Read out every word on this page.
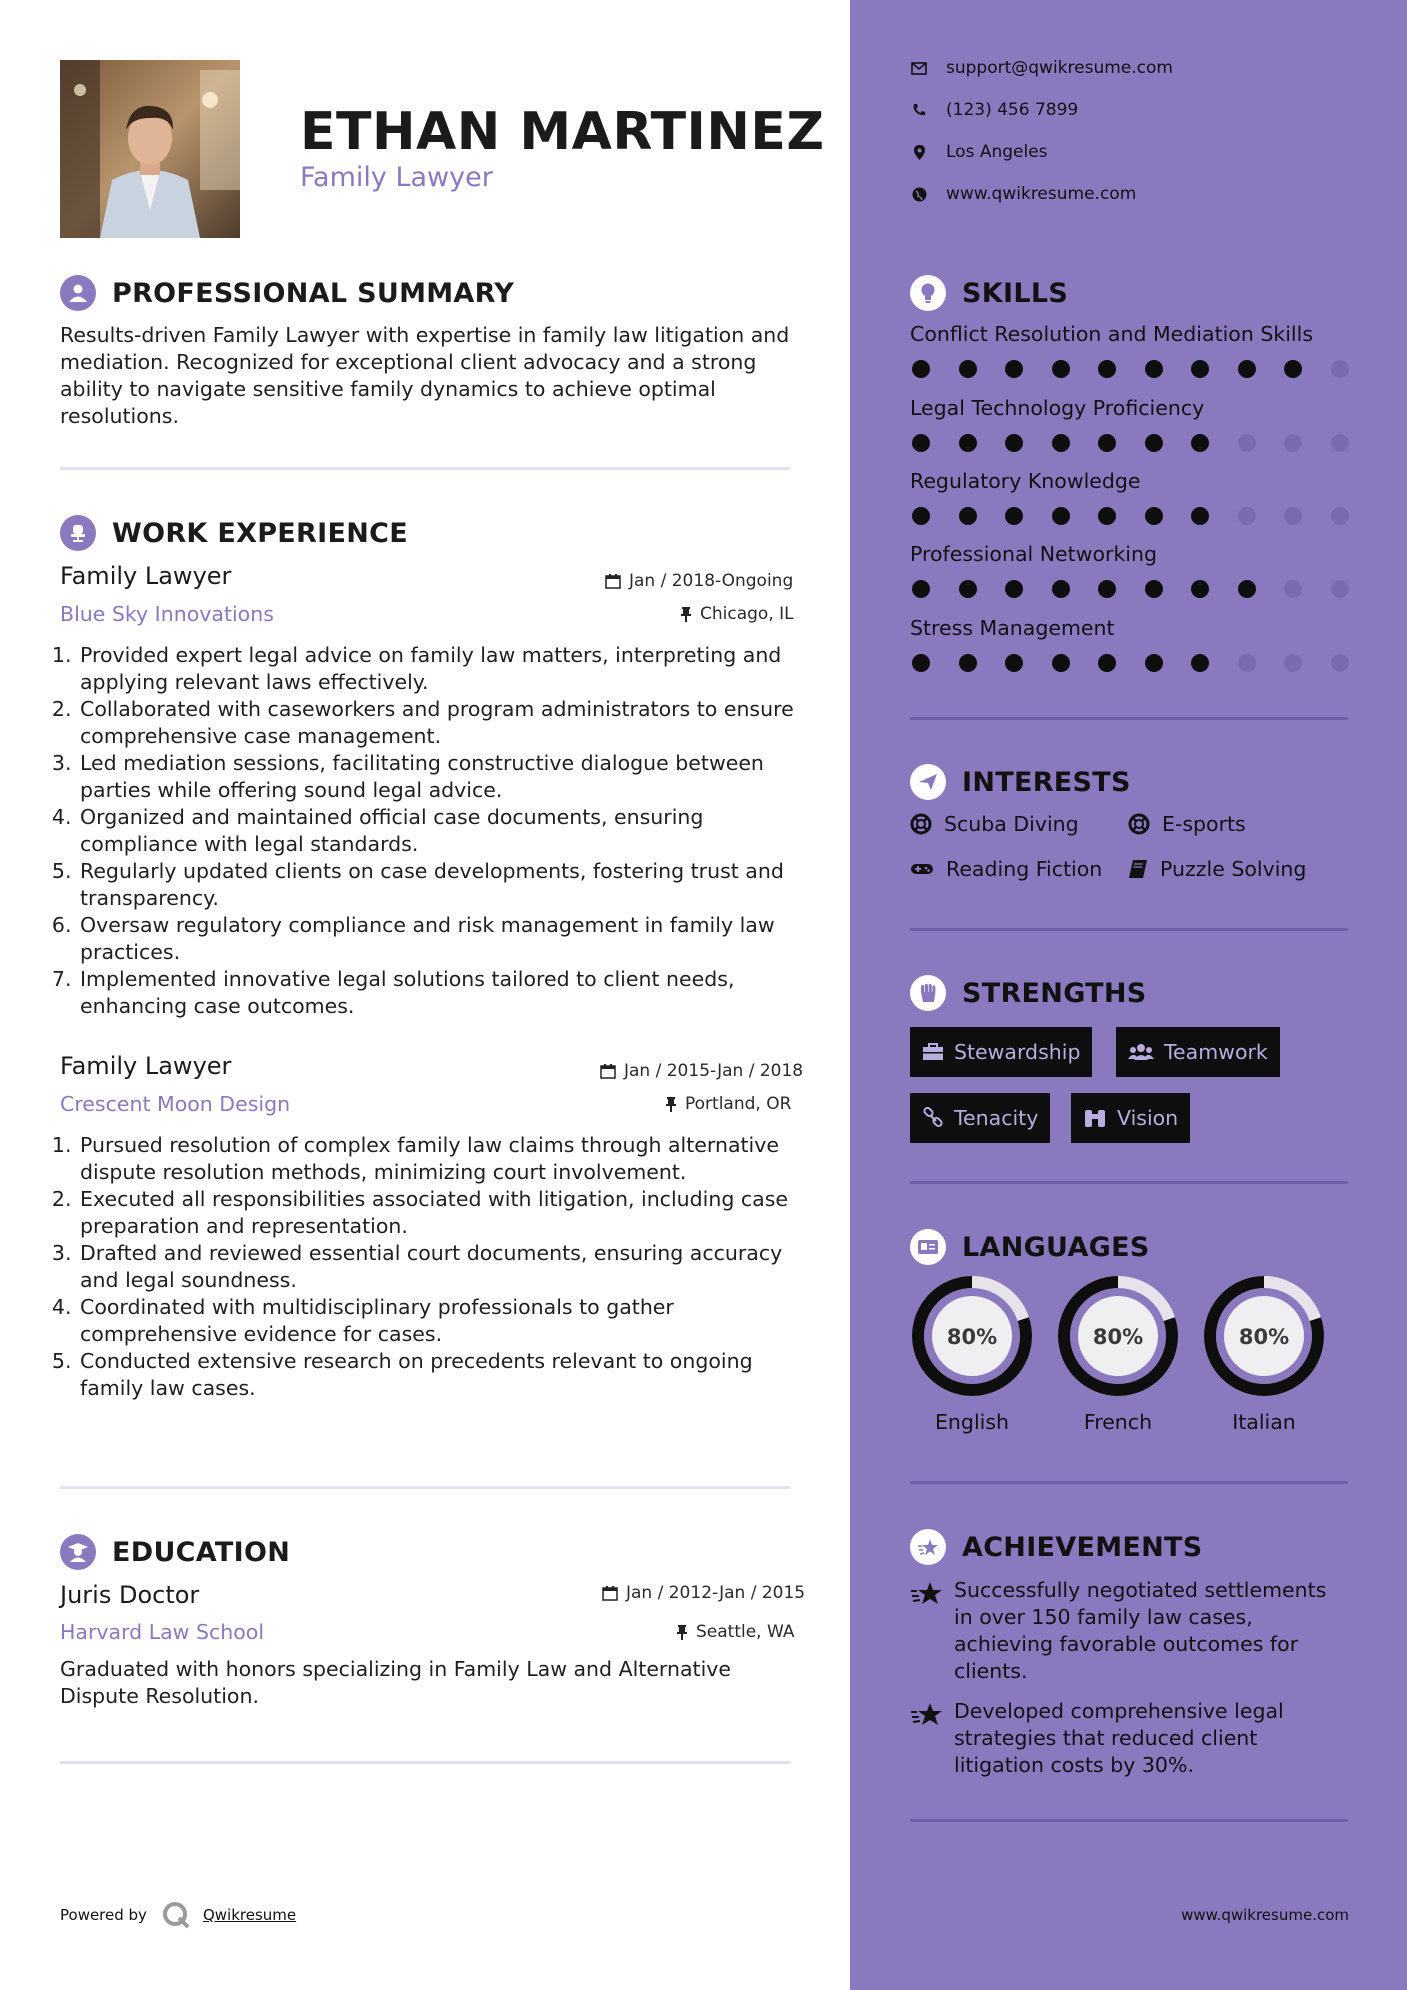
ETHAN MARTINEZ
Family Lawyer
PROFESSIONAL SUMMARY
Results-driven Family Lawyer with expertise in family law litigation and mediation. Recognized for exceptional client advocacy and a strong ability to navigate sensitive family dynamics to achieve optimal resolutions.
WORK EXPERIENCE
Family Lawyer	Jan / 2018-Ongoing
Blue Sky Innovations	Chicago, IL
1. Provided expert legal advice on family law matters, interpreting and applying relevant laws effectively.
2. Collaborated with caseworkers and program administrators to ensure comprehensive case management.
3. Led mediation sessions, facilitating constructive dialogue between parties while offering sound legal advice.
4. Organized and maintained official case documents, ensuring compliance with legal standards.
5. Regularly updated clients on case developments, fostering trust and transparency.
6. Oversaw regulatory compliance and risk management in family law practices.
7. Implemented innovative legal solutions tailored to client needs, enhancing case outcomes.
Family Lawyer	Jan / 2015-Jan / 2018
Crescent Moon Design	Portland, OR
1. Pursued resolution of complex family law claims through alternative dispute resolution methods, minimizing court involvement.
2. Executed all responsibilities associated with litigation, including case preparation and representation.
3. Drafted and reviewed essential court documents, ensuring accuracy and legal soundness.
4. Coordinated with multidisciplinary professionals to gather comprehensive evidence for cases.
5. Conducted extensive research on precedents relevant to ongoing family law cases.
EDUCATION
Juris Doctor	Jan / 2012-Jan / 2015
Harvard Law School	Seattle, WA
Graduated with honors specializing in Family Law and Alternative Dispute Resolution.
Powered by	Qwikresume
support@qwikresume.com
(123) 456 7899
Los Angeles
www.qwikresume.com
SKILLS
Conflict Resolution and Mediation Skills
Legal Technology Proficiency
Regulatory Knowledge
Professional Networking
Stress Management
INTERESTS
Scuba Diving	E-sports
Reading Fiction	Puzzle Solving
STRENGTHS
Stewardship	Teamwork
Tenacity	Vision
LANGUAGES
80%
English
80%
French
80%
Italian
ACHIEVEMENTS
Successfully negotiated settlements in over 150 family law cases, achieving favorable outcomes for clients.
Developed comprehensive legal strategies that reduced client litigation costs by 30%.
www.qwikresume.com
